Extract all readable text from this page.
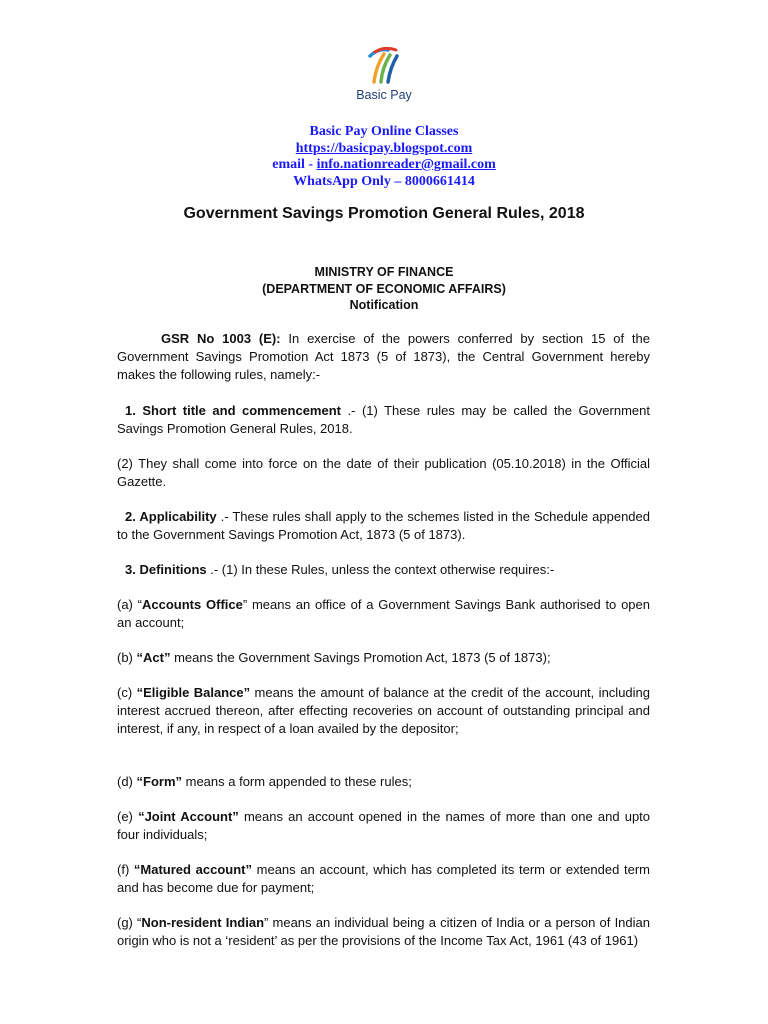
Basic Pay
Basic Pay Online Classes
https://basicpay.blogspot.com
email - info.nationreader@gmail.com
WhatsApp Only – 8000661414
Government Savings Promotion General Rules, 2018
MINISTRY OF FINANCE
(DEPARTMENT OF ECONOMIC AFFAIRS)
Notification

GSR No 1003 (E): In exercise of the powers conferred by section 15 of the Government Savings Promotion Act 1873 (5 of 1873), the Central Government hereby makes the following rules, namely:-

1. Short title and commencement .- (1) These rules may be called the Government Savings Promotion General Rules, 2018.

(2) They shall come into force on the date of their publication (05.10.2018) in the Official Gazette.

2. Applicability .- These rules shall apply to the schemes listed in the Schedule appended to the Government Savings Promotion Act, 1873 (5 of 1873).

3. Definitions .- (1) In these Rules, unless the context otherwise requires:-

(a) “Accounts Office” means an office of a Government Savings Bank authorised to open an account;

(b) “Act” means the Government Savings Promotion Act, 1873 (5 of 1873);

(c) “Eligible Balance” means the amount of balance at the credit of the account, including interest accrued thereon, after effecting recoveries on account of outstanding principal and interest, if any, in respect of a loan availed by the depositor;

(d) “Form” means a form appended to these rules;

(e) “Joint Account” means an account opened in the names of more than one and upto four individuals;

(f) “Matured account” means an account, which has completed its term or extended term and has become due for payment;

(g) “Non-resident Indian” means an individual being a citizen of India or a person of Indian origin who is not a ‘resident’ as per the provisions of the Income Tax Act, 1961 (43 of 1961)
